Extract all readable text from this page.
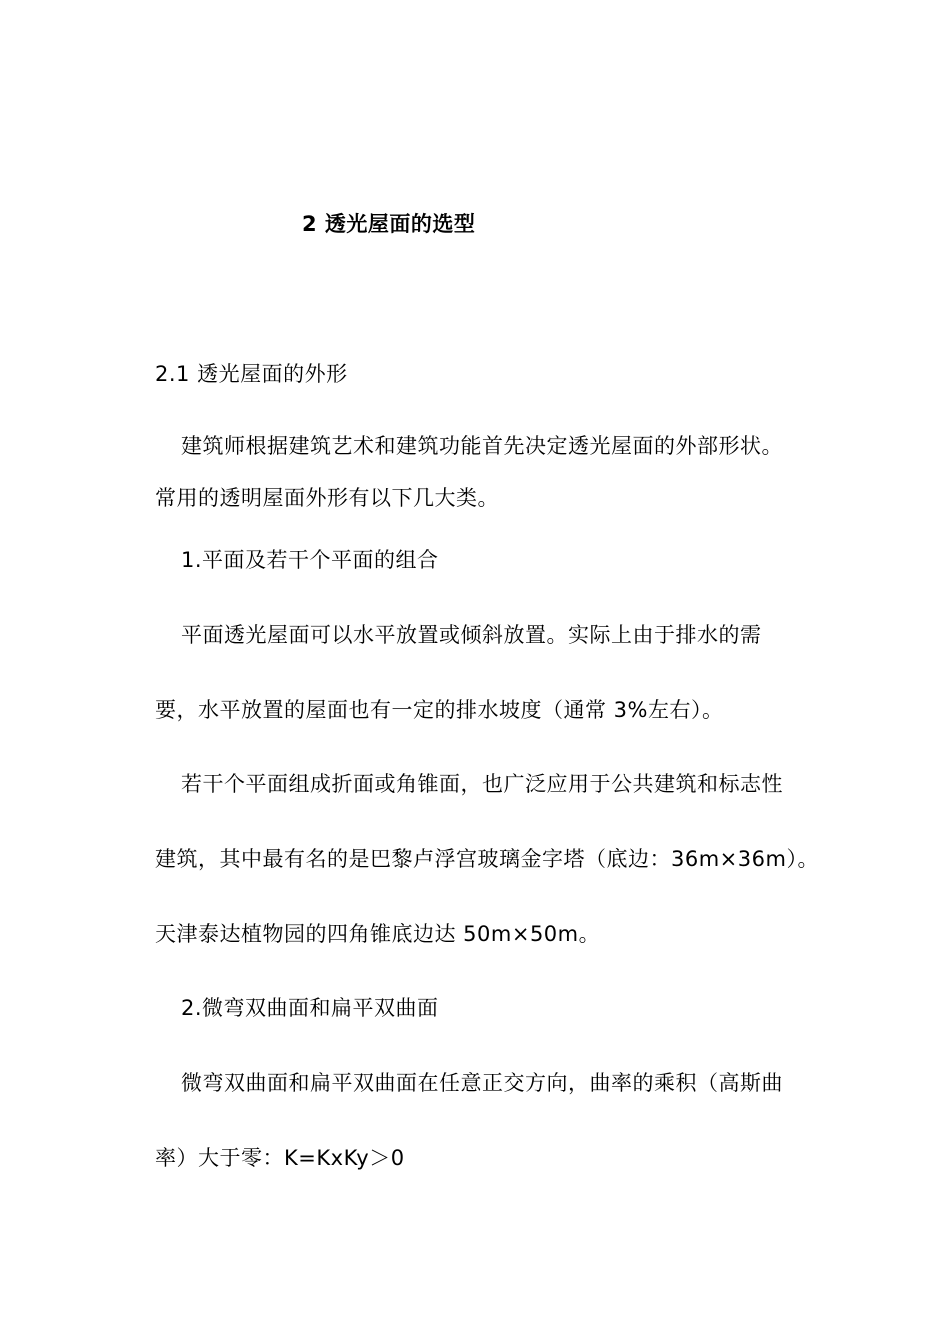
2 透光屋面的选型
2.1 透光屋面的外形
建筑师根据建筑艺术和建筑功能首先决定透光屋面的外部形状。
常用的透明屋面外形有以下几大类。
1.平面及若干个平面的组合
平面透光屋面可以水平放置或倾斜放置。实际上由于排水的需
要，水平放置的屋面也有一定的排水坡度（通常 3%左右）。
若干个平面组成折面或角锥面，也广泛应用于公共建筑和标志性
建筑，其中最有名的是巴黎卢浮宫玻璃金字塔（底边：36m×36m）。
天津泰达植物园的四角锥底边达 50m×50m。
2.微弯双曲面和扁平双曲面
微弯双曲面和扁平双曲面在任意正交方向，曲率的乘积（高斯曲
率）大于零：K=KxKy＞0
